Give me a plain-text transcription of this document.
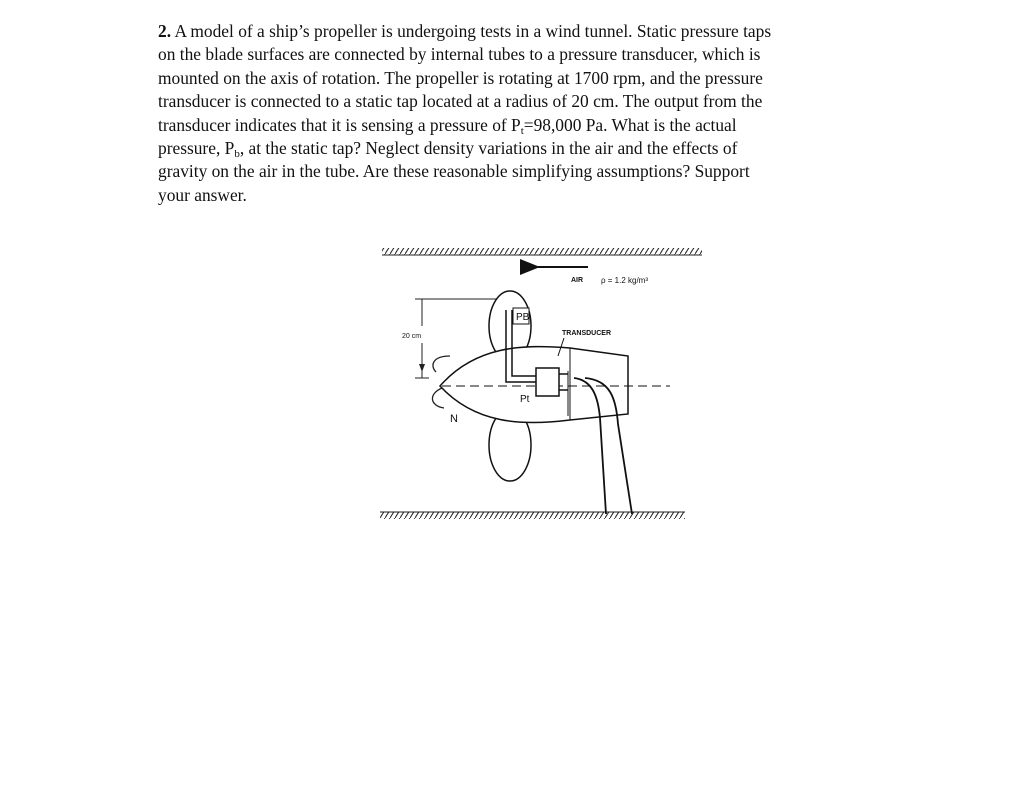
2. A model of a ship’s propeller is undergoing tests in a wind tunnel. Static pressure taps
on the blade surfaces are connected by internal tubes to a pressure transducer, which is
mounted on the axis of rotation. The propeller is rotating at 1700 rpm, and the pressure
transducer is connected to a static tap located at a radius of 20 cm. The output from the
transducer indicates that it is sensing a pressure of $P_t=98,000$ Pa. What is the actual
pressure, $P_b$, at the static tap? Neglect density variations in the air and the effects of
gravity on the air in the tube. Are these reasonable simplifying assumptions? Support
your answer.
AIR ρ = 1.2 kg/m³
20 cm
N
PB
TRANSDUCER
Pt
